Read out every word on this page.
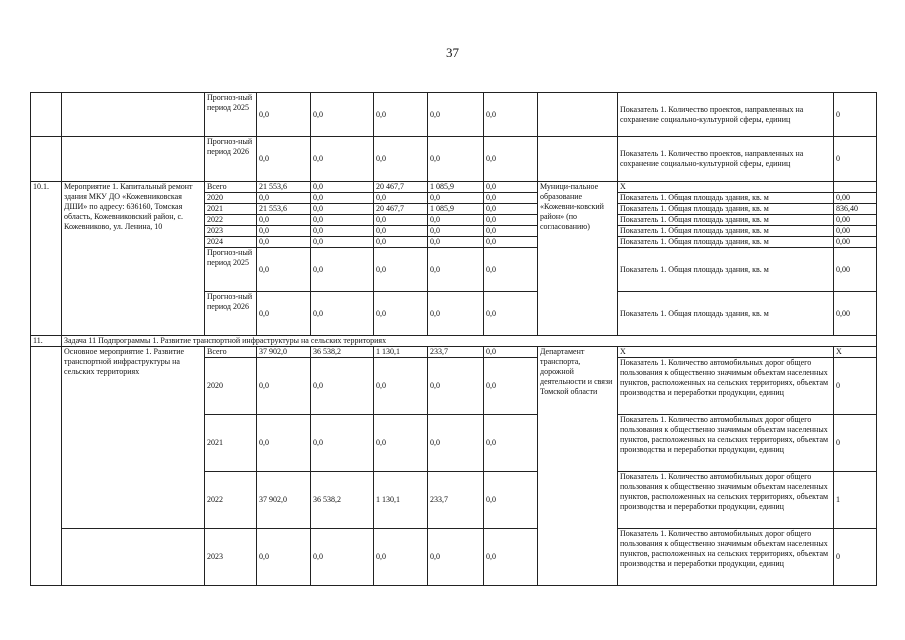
37
		Прогноз-ный период 2025	0,0	0,0	0,0	0,0	0,0		Показатель 1. Количество проектов, направленных на сохранение социально-культурной сферы, единиц	0
		Прогноз-ный период 2026	0,0	0,0	0,0	0,0	0,0		Показатель 1. Количество проектов, направленных на сохранение социально-культурной сферы, единиц	0
10.1.	Мероприятие 1. Капитальный ремонт здания МКУ ДО «Кожевниковская ДШИ» по адресу: 636160, Томская область, Кожевниковский район, с. Кожевниково, ул. Ленина, 10	Всего	21 553,6	0,0	20 467,7	1 085,9	0,0	Муници-пальное образование «Кожевни-ковский район» (по согласованию)	X	
		2020	0,0	0,0	0,0	0,0	0,0		Показатель 1. Общая площадь здания, кв. м	0,00
		2021	21 553,6	0,0	20 467,7	1 085,9	0,0		Показатель 1. Общая площадь здания, кв. м	836,40
		2022	0,0	0,0	0,0	0,0	0,0		Показатель 1. Общая площадь здания, кв. м	0,00
		2023	0,0	0,0	0,0	0,0	0,0		Показатель 1. Общая площадь здания, кв. м	0,00
		2024	0,0	0,0	0,0	0,0	0,0		Показатель 1. Общая площадь здания, кв. м	0,00
		Прогноз-ный период 2025	0,0	0,0	0,0	0,0	0,0		Показатель 1. Общая площадь здания, кв. м	0,00
		Прогноз-ный период 2026	0,0	0,0	0,0	0,0	0,0		Показатель 1. Общая площадь здания, кв. м	0,00
11.	Задача 11 Подпрограммы 1. Развитие транспортной инфраструктуры на сельских территориях									
	Основное мероприятие 1. Развитие транспортной инфраструктуры на сельских территориях	Всего	37 902,0	36 538,2	1 130,1	233,7	0,0	Департамент транспорта, дорожной деятельности и связи Томской области	X	X
		2020	0,0	0,0	0,0	0,0	0,0		Показатель 1. Количество автомобильных дорог общего пользования к общественно значимым объектам населенных пунктов, расположенных на сельских территориях, объектам производства и переработки продукции, единиц	0
		2021	0,0	0,0	0,0	0,0	0,0		Показатель 1. Количество автомобильных дорог общего пользования к общественно значимым объектам населенных пунктов, расположенных на сельских территориях, объектам производства и переработки продукции, единиц	0
		2022	37 902,0	36 538,2	1 130,1	233,7	0,0		Показатель 1. Количество автомобильных дорог общего пользования к общественно значимым объектам населенных пунктов, расположенных на сельских территориях, объектам производства и переработки продукции, единиц	1
		2023	0,0	0,0	0,0	0,0	0,0		Показатель 1. Количество автомобильных дорог общего пользования к общественно значимым объектам населенных пунктов, расположенных на сельских территориях, объектам производства и переработки продукции, единиц	0
